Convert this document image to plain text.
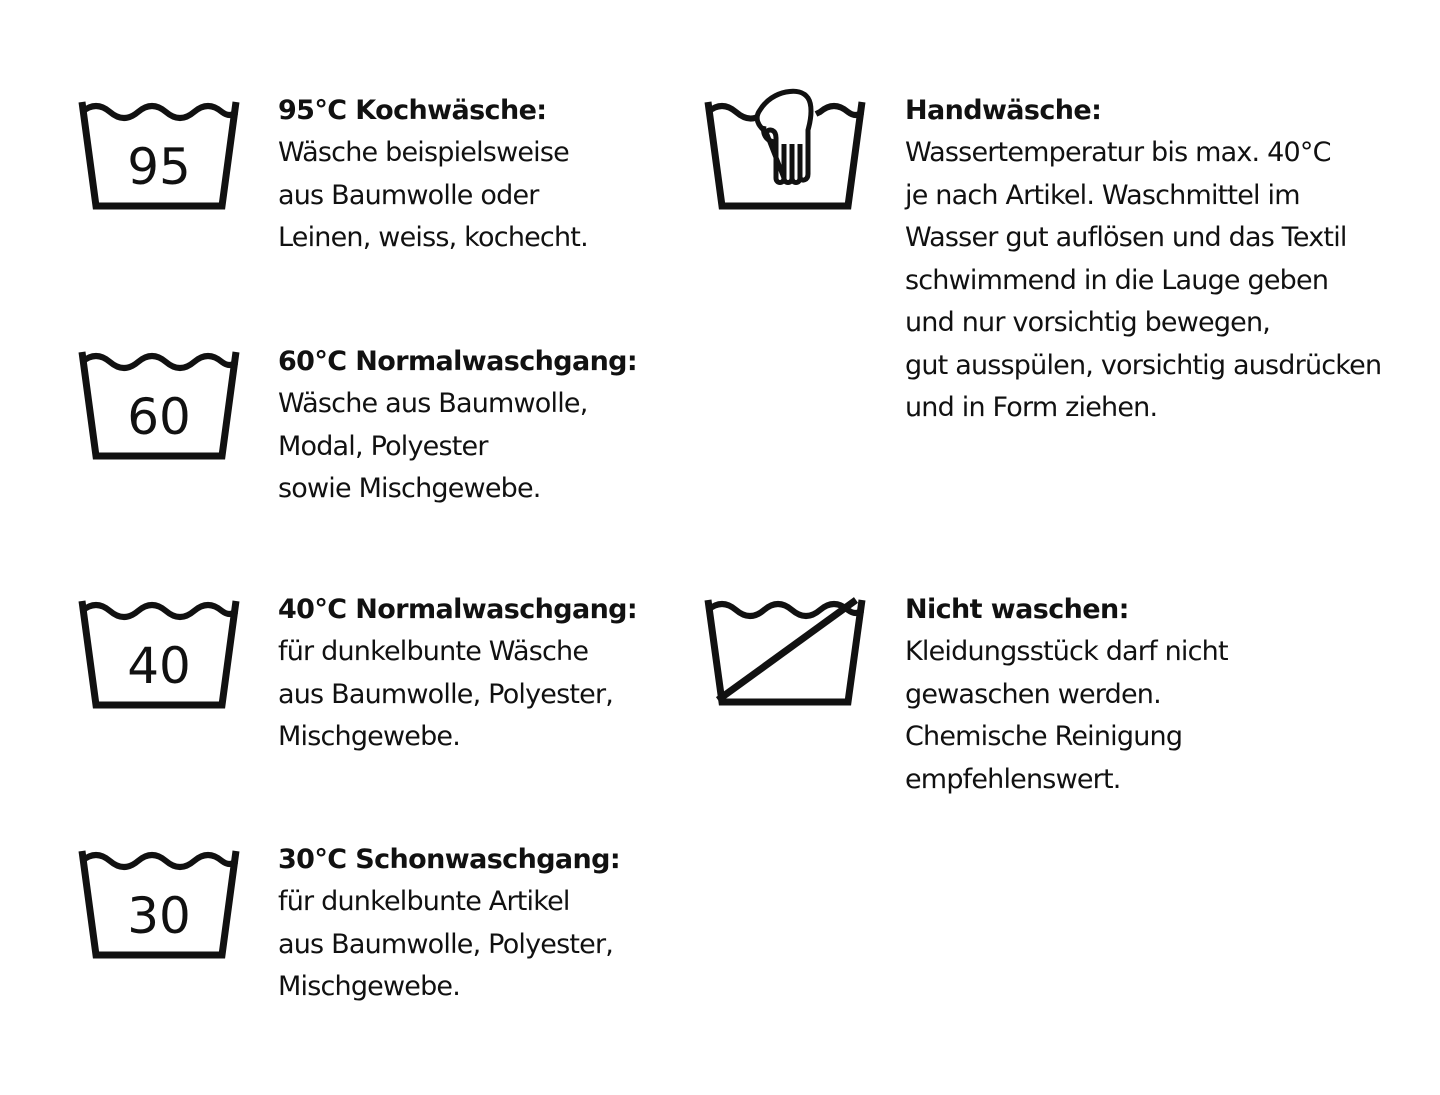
95

95°C Kochwäsche:

Wäsche beispielsweise

aus Baumwolle oder

Leinen, weiss, kochecht.

60

60°C Normalwaschgang:

Wäsche aus Baumwolle,

Modal, Polyester

sowie Mischgewebe.

40

40°C Normalwaschgang:

für dunkelbunte Wäsche

aus Baumwolle, Polyester,

Mischgewebe.

30

30°C Schonwaschgang:

für dunkelbunte Artikel

aus Baumwolle, Polyester,

Mischgewebe.

Handwäsche:

Wassertemperatur bis max. 40°C

je nach Artikel. Waschmittel im

Wasser gut auflösen und das Textil

schwimmend in die Lauge geben

und nur vorsichtig bewegen,

gut ausspülen, vorsichtig ausdrücken

und in Form ziehen.

Nicht waschen:

Kleidungsstück darf nicht

gewaschen werden.

Chemische Reinigung

empfehlenswert.
